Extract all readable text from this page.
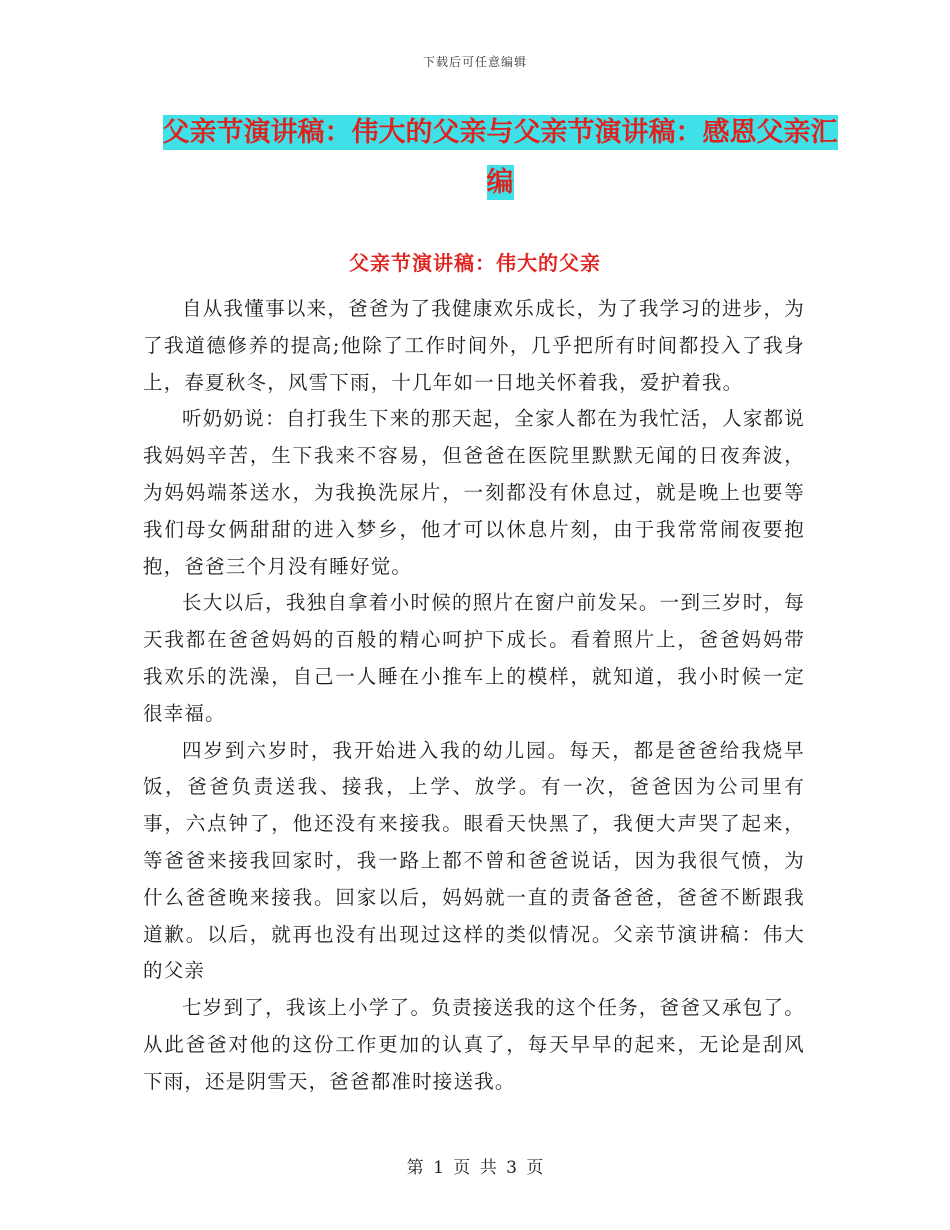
下载后可任意编辑
父亲节演讲稿：伟大的父亲与父亲节演讲稿：感恩父亲汇编
父亲节演讲稿：伟大的父亲

自从我懂事以来，爸爸为了我健康欢乐成长，为了我学习的进步，为了我道德修养的提高;他除了工作时间外，几乎把所有时间都投入了我身上，春夏秋冬，风雪下雨，十几年如一日地关怀着我，爱护着我。

听奶奶说：自打我生下来的那天起，全家人都在为我忙活，人家都说我妈妈辛苦，生下我来不容易，但爸爸在医院里默默无闻的日夜奔波，为妈妈端茶送水，为我换洗尿片，一刻都没有休息过，就是晚上也要等我们母女俩甜甜的进入梦乡，他才可以休息片刻，由于我常常闹夜要抱抱，爸爸三个月没有睡好觉。

长大以后，我独自拿着小时候的照片在窗户前发呆。一到三岁时，每天我都在爸爸妈妈的百般的精心呵护下成长。看着照片上，爸爸妈妈带我欢乐的洗澡，自己一人睡在小推车上的模样，就知道，我小时候一定很幸福。

四岁到六岁时，我开始进入我的幼儿园。每天，都是爸爸给我烧早饭，爸爸负责送我、接我，上学、放学。有一次，爸爸因为公司里有事，六点钟了，他还没有来接我。眼看天快黑了，我便大声哭了起来，等爸爸来接我回家时，我一路上都不曾和爸爸说话，因为我很气愤，为什么爸爸晚来接我。回家以后，妈妈就一直的责备爸爸，爸爸不断跟我道歉。以后，就再也没有出现过这样的类似情况。父亲节演讲稿：伟大的父亲

七岁到了，我该上小学了。负责接送我的这个任务，爸爸又承包了。从此爸爸对他的这份工作更加的认真了，每天早早的起来，无论是刮风下雨，还是阴雪天，爸爸都准时接送我。

第 1 页 共 3 页
